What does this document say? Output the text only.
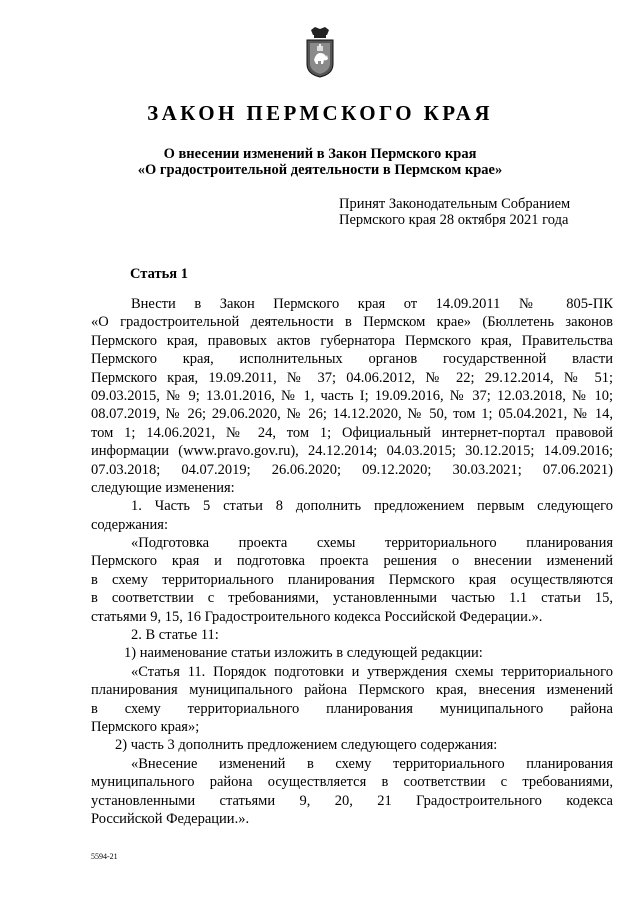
ЗАКОН ПЕРМСКОГО КРАЯ
О внесении изменений в Закон Пермского края
«О градостроительной деятельности в Пермском крае»
Принят Законодательным Собранием
Пермского края 28 октября 2021 года
Статья 1
Внести в Закон Пермского края от 14.09.2011 № 805-ПК
«О градостроительной деятельности в Пермском крае» (Бюллетень законов
Пермского края, правовых актов губернатора Пермского края, Правительства
Пермского края, исполнительных органов государственной власти
Пермского края, 19.09.2011, № 37; 04.06.2012, № 22; 29.12.2014, № 51;
09.03.2015, № 9; 13.01.2016, № 1, часть I; 19.09.2016, № 37; 12.03.2018, № 10;
08.07.2019, № 26; 29.06.2020, № 26; 14.12.2020, № 50, том 1; 05.04.2021, № 14,
том 1; 14.06.2021, № 24, том 1; Официальный интернет-портал правовой
информации (www.pravo.gov.ru), 24.12.2014; 04.03.2015; 30.12.2015; 14.09.2016;
07.03.2018; 04.07.2019; 26.06.2020; 09.12.2020; 30.03.2021; 07.06.2021)
следующие изменения:
1. Часть 5 статьи 8 дополнить предложением первым следующего
содержания:
«Подготовка проекта схемы территориального планирования
Пермского края и подготовка проекта решения о внесении изменений
в схему территориального планирования Пермского края осуществляются
в соответствии с требованиями, установленными частью 1.1 статьи 15,
статьями 9, 15, 16 Градостроительного кодекса Российской Федерации.».
2. В статье 11:
1) наименование статьи изложить в следующей редакции:
«Статья 11. Порядок подготовки и утверждения схемы территориального
планирования муниципального района Пермского края, внесения изменений
в схему территориального планирования муниципального района
Пермского края»;
2) часть 3 дополнить предложением следующего содержания:
«Внесение изменений в схему территориального планирования
муниципального района осуществляется в соответствии с требованиями,
установленными статьями 9, 20, 21 Градостроительного кодекса
Российской Федерации.».
5594-21
